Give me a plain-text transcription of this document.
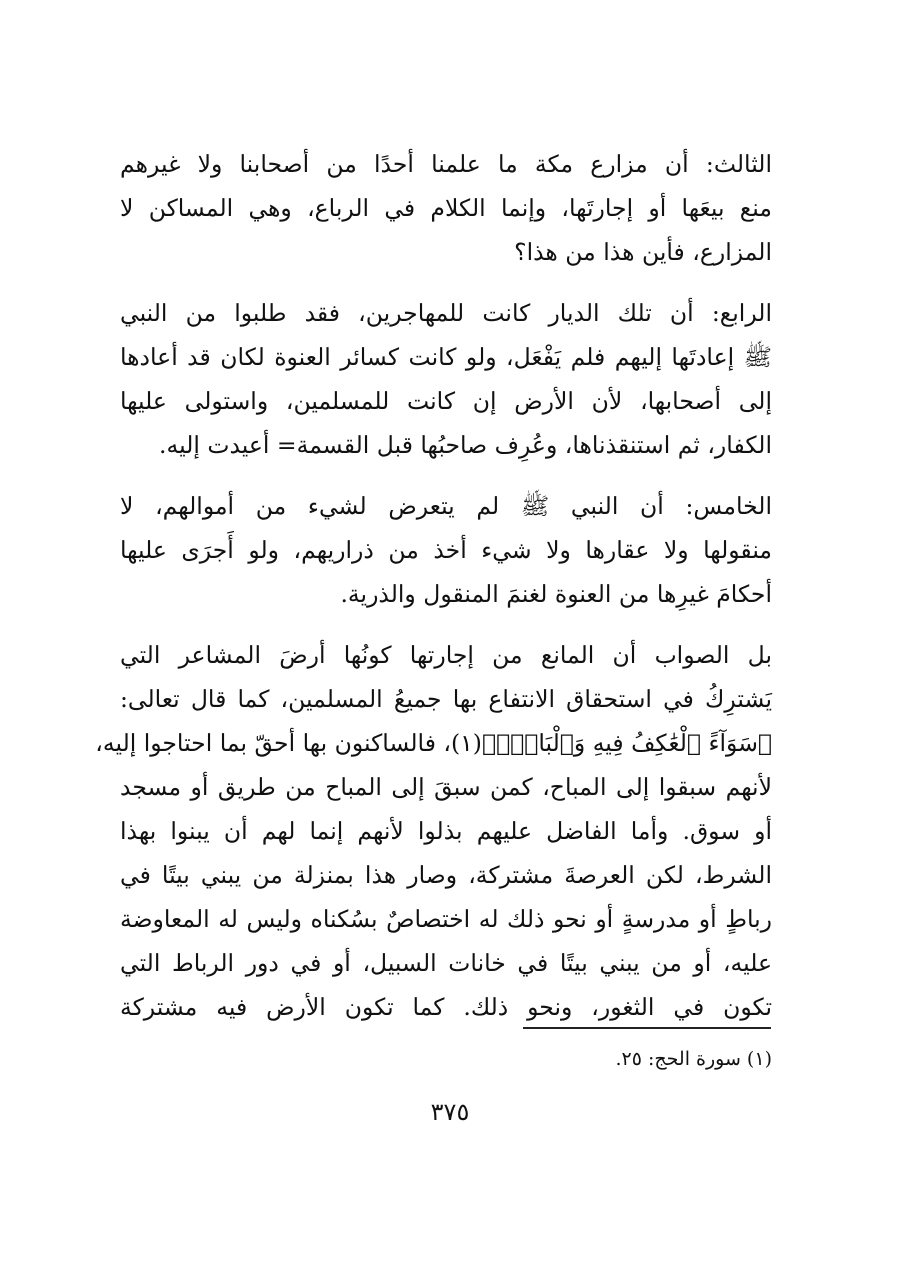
الثالث: أن مزارع مكة ما علمنا أحدًا من أصحابنا ولا غيرهم
منع بيعَها أو إجارتَها، وإنما الكلام في الرباع، وهي المساكن لا
المزارع، فأين هذا من هذا؟

الرابع: أن تلك الديار كانت للمهاجرين، فقد طلبوا من النبي
ﷺ إعادتَها إليهم فلم يَفْعَل، ولو كانت كسائر العنوة لكان قد أعادها
إلى أصحابها، لأن الأرض إن كانت للمسلمين، واستولى عليها
الكفار، ثم استنقذناها، وعُرِف صاحبُها قبل القسمة= أعيدت إليه.

الخامس: أن النبي ﷺ لم يتعرض لشيء من أموالهم، لا
منقولها ولا عقارها ولا شيء أخذ من ذراريهم، ولو أَجرَى عليها
أحكامَ غيرِها من العنوة لغنمَ المنقول والذرية.

بل الصواب أن المانع من إجارتها كونُها أرضَ المشاعر التي
يَشترِكُ في استحقاق الانتفاع بها جميعُ المسلمين، كما قال تعالى:
﴿سَوَآءً ٱلْعَٰكِفُ فِيهِ وَٱلْبَادِۚ﴾(١)، فالساكنون بها أحقّ بما احتاجوا إليه،
لأنهم سبقوا إلى المباح، كمن سبقَ إلى المباح من طريق أو مسجد
أو سوق. وأما الفاضل عليهم بذلوا لأنهم إنما لهم أن يبنوا بهذا
الشرط، لكن العرصةَ مشتركة، وصار هذا بمنزلة من يبني بيتًا في
رباطٍ أو مدرسةٍ أو نحو ذلك له اختصاصٌ بسُكناه وليس له المعاوضة
عليه، أو من يبني بيتًا في خانات السبيل، أو في دور الرباط التي
تكون في الثغور، ونحو ذلك. كما تكون الأرض فيه مشتركة

(١) سورة الحج: ٢٥.
٣٧٥
